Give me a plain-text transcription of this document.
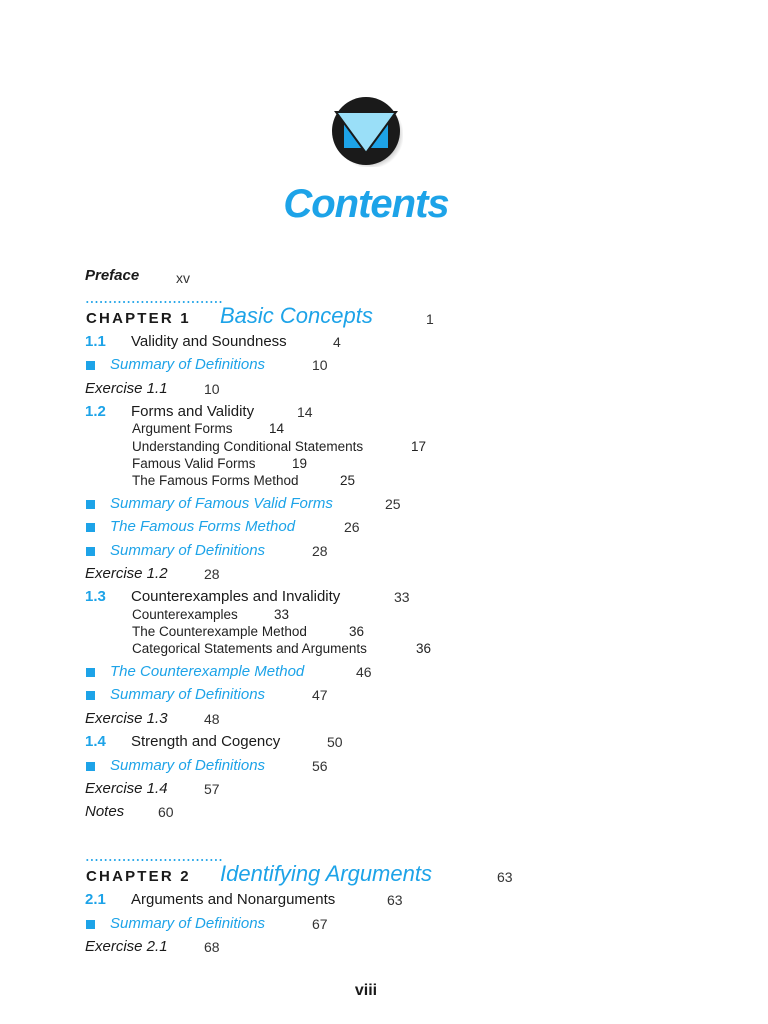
Contents
Preface	xv
CHAPTER 1 Basic Concepts	1
1.1 Validity and Soundness	4
Summary of Definitions	10
Exercise 1.1	10
1.2 Forms and Validity	14
Argument Forms	14
Understanding Conditional Statements	17
Famous Valid Forms	19
The Famous Forms Method	25
Summary of Famous Valid Forms	25
The Famous Forms Method	26
Summary of Definitions	28
Exercise 1.2	28
1.3 Counterexamples and Invalidity	33
Counterexamples	33
The Counterexample Method	36
Categorical Statements and Arguments	36
The Counterexample Method	46
Summary of Definitions	47
Exercise 1.3	48
1.4 Strength and Cogency	50
Summary of Definitions	56
Exercise 1.4	57
Notes 60
CHAPTER 2 Identifying Arguments	63
2.1 Arguments and Nonarguments	63
Summary of Definitions	67
Exercise 2.1	68
viii
